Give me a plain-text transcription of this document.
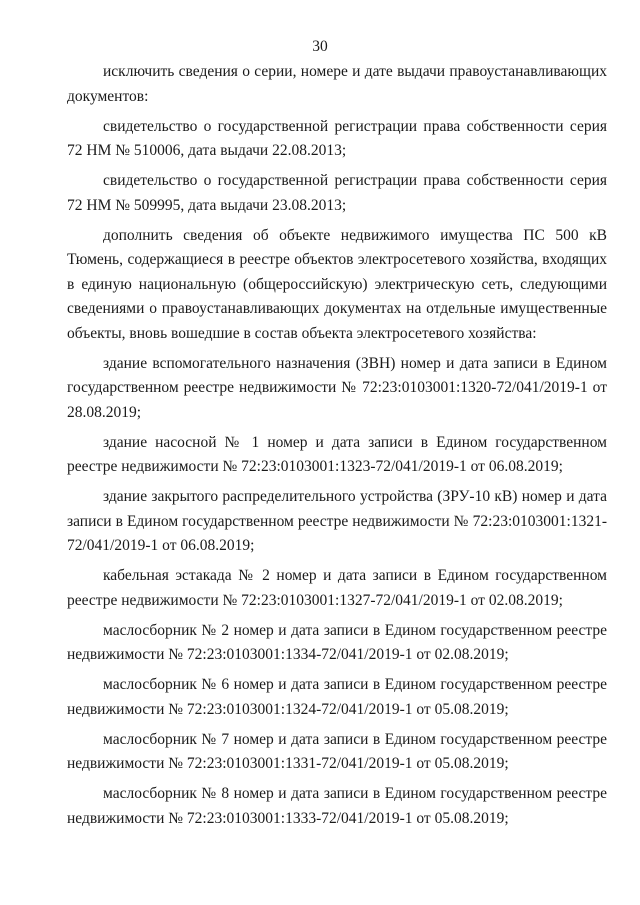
30

исключить сведения о серии, номере и дате выдачи правоустанавливающих документов:

свидетельство о государственной регистрации права собственности серия 72 НМ № 510006, дата выдачи 22.08.2013;

свидетельство о государственной регистрации права собственности серия 72 НМ № 509995, дата выдачи 23.08.2013;

дополнить сведения об объекте недвижимого имущества ПС 500 кВ Тюмень, содержащиеся в реестре объектов электросетевого хозяйства, входящих в единую национальную (общероссийскую) электрическую сеть, следующими сведениями о правоустанавливающих документах на отдельные имущественные объекты, вновь вошедшие в состав объекта электросетевого хозяйства:

здание вспомогательного назначения (ЗВН) номер и дата записи в Едином государственном реестре недвижимости № 72:23:0103001:1320-72/041/2019-1 от 28.08.2019;

здание насосной № 1 номер и дата записи в Едином государственном реестре недвижимости № 72:23:0103001:1323-72/041/2019-1 от 06.08.2019;

здание закрытого распределительного устройства (ЗРУ-10 кВ) номер и дата записи в Едином государственном реестре недвижимости № 72:23:0103001:1321-72/041/2019-1 от 06.08.2019;

кабельная эстакада № 2 номер и дата записи в Едином государственном реестре недвижимости № 72:23:0103001:1327-72/041/2019-1 от 02.08.2019;

маслосборник № 2 номер и дата записи в Едином государственном реестре недвижимости № 72:23:0103001:1334-72/041/2019-1 от 02.08.2019;

маслосборник № 6 номер и дата записи в Едином государственном реестре недвижимости № 72:23:0103001:1324-72/041/2019-1 от 05.08.2019;

маслосборник № 7 номер и дата записи в Едином государственном реестре недвижимости № 72:23:0103001:1331-72/041/2019-1 от 05.08.2019;

маслосборник № 8 номер и дата записи в Едином государственном реестре недвижимости № 72:23:0103001:1333-72/041/2019-1 от 05.08.2019;
